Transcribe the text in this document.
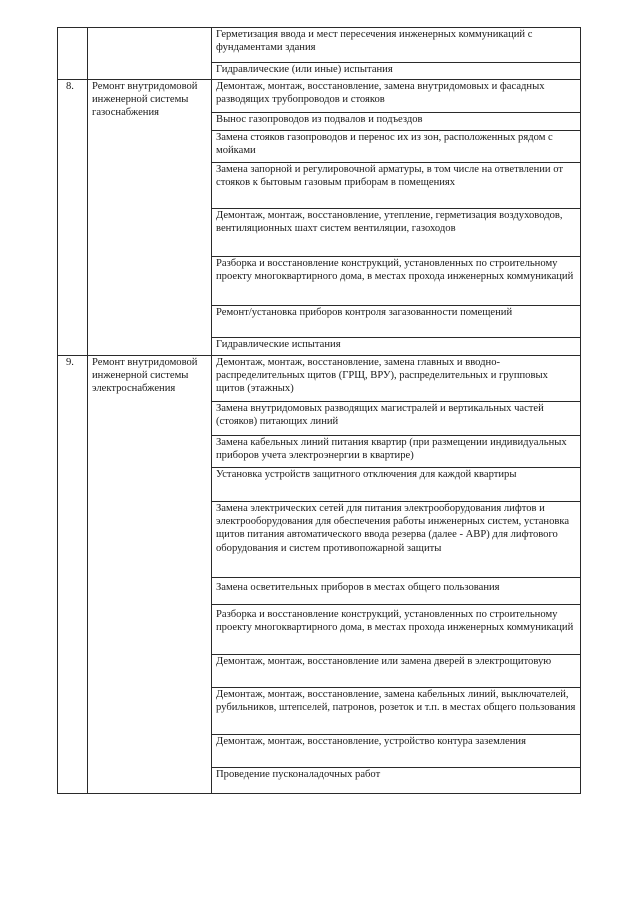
		Герметизация ввода и мест пересечения инженерных коммуникаций с фундаментами здания
		Гидравлические (или иные) испытания
8.	Ремонт внутридомовой инженерной системы газоснабжения	Демонтаж, монтаж, восстановление, замена внутридомовых и фасадных разводящих трубопроводов и стояков
		Вынос газопроводов из подвалов и подъездов
		Замена стояков газопроводов и перенос их из зон, расположенных рядом с мойками
		Замена запорной и регулировочной арматуры, в том числе на ответвлении от стояков к бытовым газовым приборам в помещениях
		Демонтаж, монтаж, восстановление, утепление, герметизация воздуховодов, вентиляционных шахт систем вентиляции, газоходов
		Разборка и восстановление конструкций, установленных по строительному проекту многоквартирного дома, в местах прохода инженерных коммуникаций
		Ремонт/установка приборов контроля загазованности помещений
		Гидравлические испытания
9.	Ремонт внутридомовой инженерной системы электроснабжения	Демонтаж, монтаж, восстановление, замена главных и вводно-распределительных щитов (ГРЩ, ВРУ), распределительных и групповых щитов (этажных)
		Замена внутридомовых разводящих магистралей и вертикальных частей (стояков) питающих линий
		Замена кабельных линий питания квартир (при размещении индивидуальных приборов учета электроэнергии в квартире)
		Установка устройств защитного отключения для каждой квартиры
		Замена электрических сетей для питания электрооборудования лифтов и электрооборудования для обеспечения работы инженерных систем, установка щитов питания автоматического ввода резерва (далее - АВР) для лифтового оборудования и систем противопожарной защиты
		Замена осветительных приборов в местах общего пользования
		Разборка и восстановление конструкций, установленных по строительному проекту многоквартирного дома, в местах прохода инженерных коммуникаций
		Демонтаж, монтаж, восстановление или замена дверей в электрощитовую
		Демонтаж, монтаж, восстановление, замена кабельных линий, выключателей, рубильников, штепселей, патронов, розеток и т.п. в местах общего пользования
		Демонтаж, монтаж, восстановление, устройство контура заземления
		Проведение пусконаладочных работ
